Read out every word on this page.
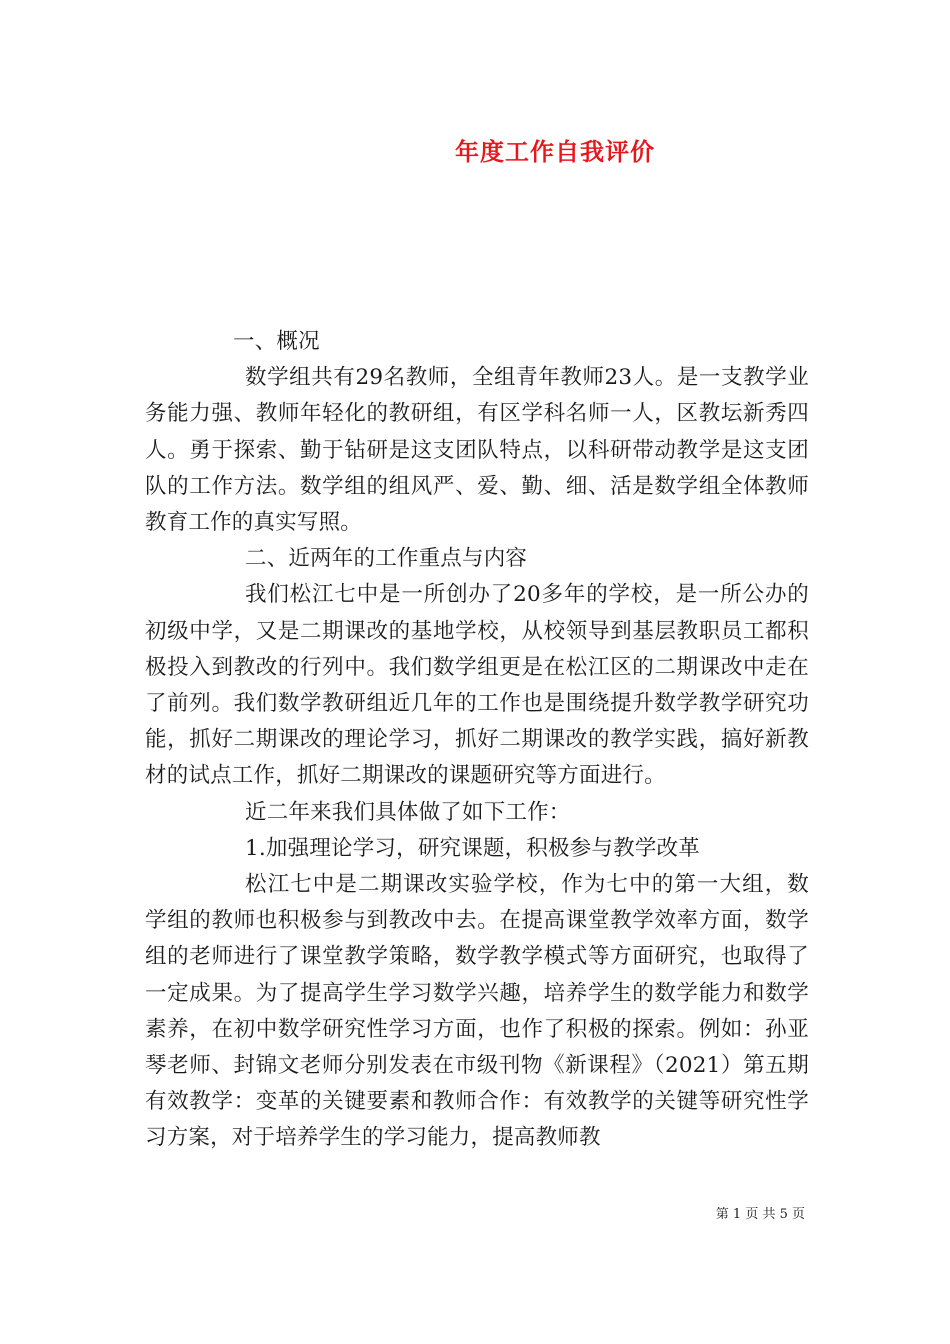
年度工作自我评价

一、概况

数学组共有29名教师，全组青年教师23人。是一支教学业务能力强、教师年轻化的教研组，有区学科名师一人，区教坛新秀四人。勇于探索、勤于钻研是这支团队特点，以科研带动教学是这支团队的工作方法。数学组的组风严、爱、勤、细、活是数学组全体教师教育工作的真实写照。

二、近两年的工作重点与内容

我们松江七中是一所创办了20多年的学校，是一所公办的初级中学，又是二期课改的基地学校，从校领导到基层教职员工都积极投入到教改的行列中。我们数学组更是在松江区的二期课改中走在了前列。我们数学教研组近几年的工作也是围绕提升数学教学研究功能，抓好二期课改的理论学习，抓好二期课改的教学实践，搞好新教材的试点工作，抓好二期课改的课题研究等方面进行。

近二年来我们具体做了如下工作：

1.加强理论学习，研究课题，积极参与教学改革

松江七中是二期课改实验学校，作为七中的第一大组，数学组的教师也积极参与到教改中去。在提高课堂教学效率方面，数学组的老师进行了课堂教学策略，数学教学模式等方面研究，也取得了一定成果。为了提高学生学习数学兴趣，培养学生的数学能力和数学素养，在初中数学研究性学习方面，也作了积极的探索。例如：孙亚琴老师、封锦文老师分别发表在市级刊物《新课程》（2021）第五期有效教学：变革的关键要素和教师合作：有效教学的关键等研究性学习方案，对于培养学生的学习能力，提高教师教

第 1 页 共 5 页
